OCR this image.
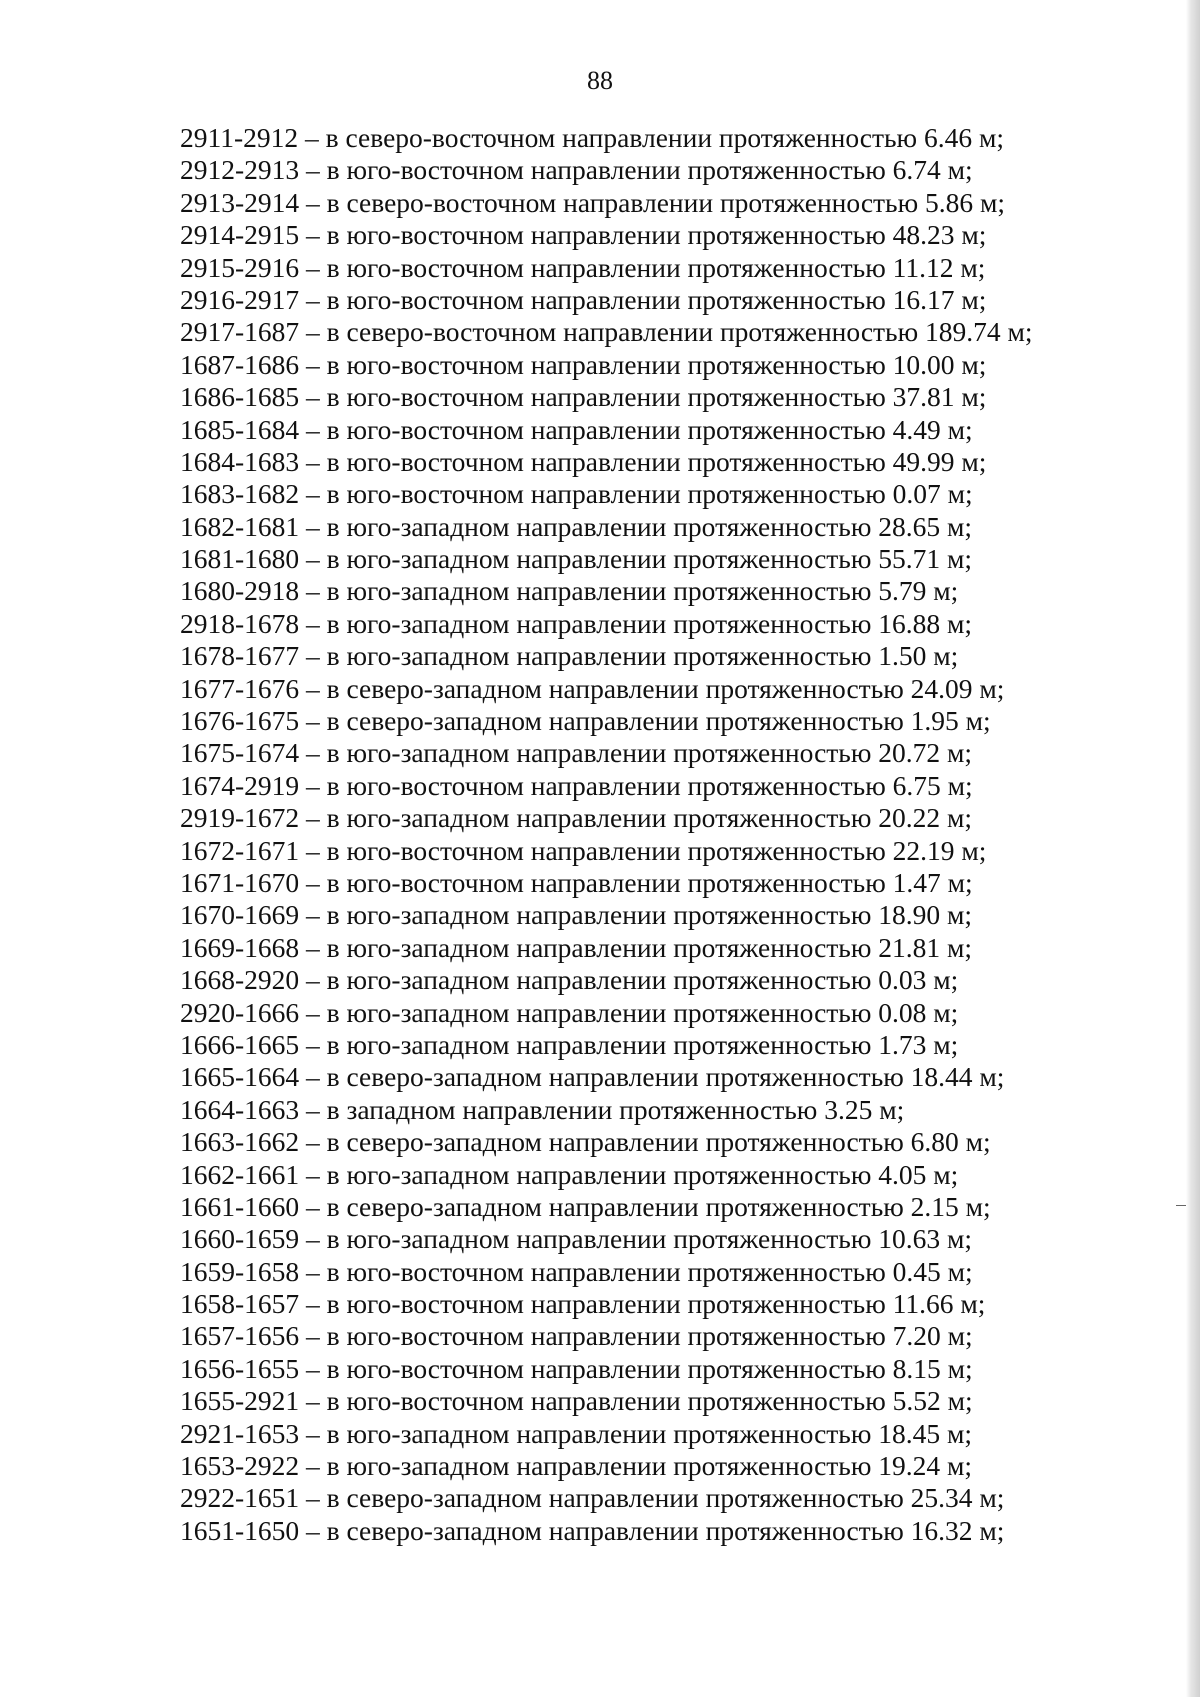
88
2911-2912 – в северо-восточном направлении протяженностью 6.46 м;
2912-2913 – в юго-восточном направлении протяженностью 6.74 м;
2913-2914 – в северо-восточном направлении протяженностью 5.86 м;
2914-2915 – в юго-восточном направлении протяженностью 48.23 м;
2915-2916 – в юго-восточном направлении протяженностью 11.12 м;
2916-2917 – в юго-восточном направлении протяженностью 16.17 м;
2917-1687 – в северо-восточном направлении протяженностью 189.74 м;
1687-1686 – в юго-восточном направлении протяженностью 10.00 м;
1686-1685 – в юго-восточном направлении протяженностью 37.81 м;
1685-1684 – в юго-восточном направлении протяженностью 4.49 м;
1684-1683 – в юго-восточном направлении протяженностью 49.99 м;
1683-1682 – в юго-восточном направлении протяженностью 0.07 м;
1682-1681 – в юго-западном направлении протяженностью 28.65 м;
1681-1680 – в юго-западном направлении протяженностью 55.71 м;
1680-2918 – в юго-западном направлении протяженностью 5.79 м;
2918-1678 – в юго-западном направлении протяженностью 16.88 м;
1678-1677 – в юго-западном направлении протяженностью 1.50 м;
1677-1676 – в северо-западном направлении протяженностью 24.09 м;
1676-1675 – в северо-западном направлении протяженностью 1.95 м;
1675-1674 – в юго-западном направлении протяженностью 20.72 м;
1674-2919 – в юго-восточном направлении протяженностью 6.75 м;
2919-1672 – в юго-западном направлении протяженностью 20.22 м;
1672-1671 – в юго-восточном направлении протяженностью 22.19 м;
1671-1670 – в юго-восточном направлении протяженностью 1.47 м;
1670-1669 – в юго-западном направлении протяженностью 18.90 м;
1669-1668 – в юго-западном направлении протяженностью 21.81 м;
1668-2920 – в юго-западном направлении протяженностью 0.03 м;
2920-1666 – в юго-западном направлении протяженностью 0.08 м;
1666-1665 – в юго-западном направлении протяженностью 1.73 м;
1665-1664 – в северо-западном направлении протяженностью 18.44 м;
1664-1663 – в западном направлении протяженностью 3.25 м;
1663-1662 – в северо-западном направлении протяженностью 6.80 м;
1662-1661 – в юго-западном направлении протяженностью 4.05 м;
1661-1660 – в северо-западном направлении протяженностью 2.15 м;
1660-1659 – в юго-западном направлении протяженностью 10.63 м;
1659-1658 – в юго-восточном направлении протяженностью 0.45 м;
1658-1657 – в юго-восточном направлении протяженностью 11.66 м;
1657-1656 – в юго-восточном направлении протяженностью 7.20 м;
1656-1655 – в юго-восточном направлении протяженностью 8.15 м;
1655-2921 – в юго-восточном направлении протяженностью 5.52 м;
2921-1653 – в юго-западном направлении протяженностью 18.45 м;
1653-2922 – в юго-западном направлении протяженностью 19.24 м;
2922-1651 – в северо-западном направлении протяженностью 25.34 м;
1651-1650 – в северо-западном направлении протяженностью 16.32 м;
